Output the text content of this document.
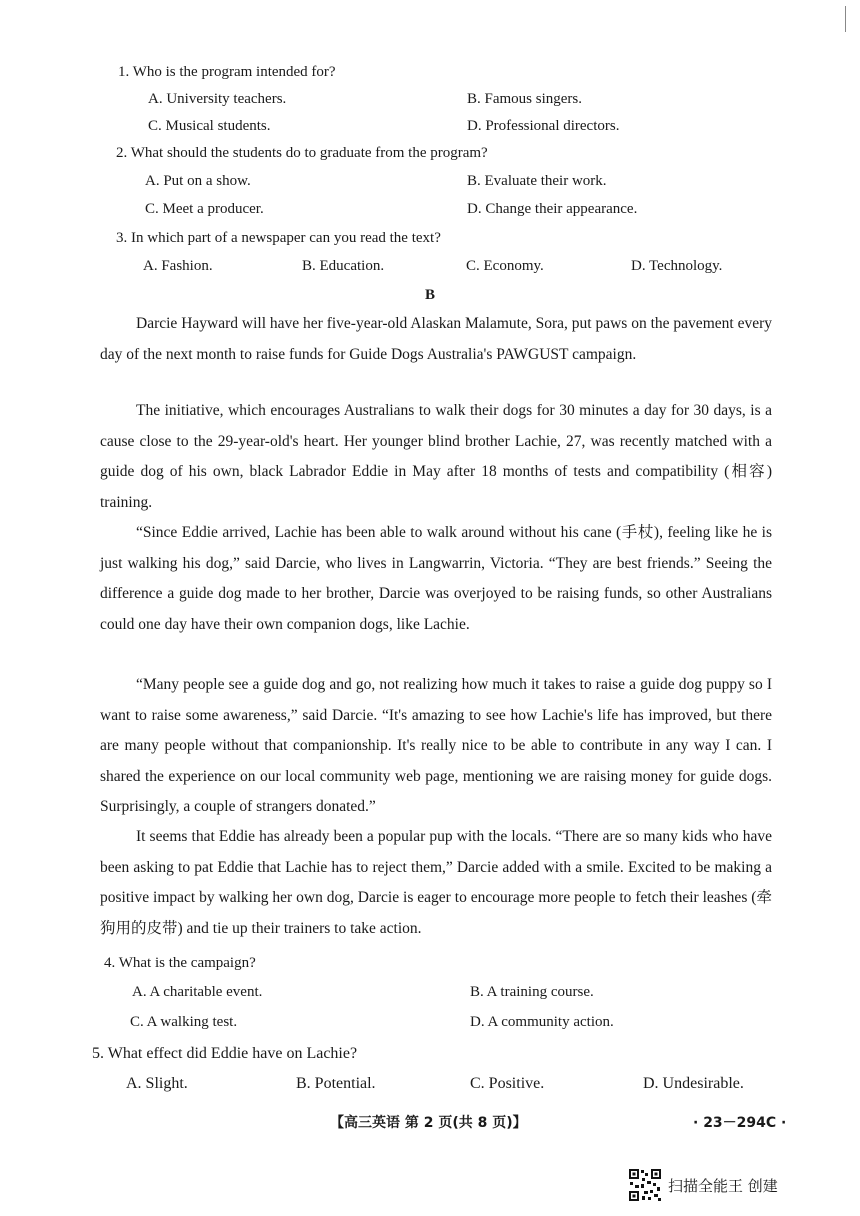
1. Who is the program intended for?
A. University teachers.	B. Famous singers.
C. Musical students.	D. Professional directors.
2. What should the students do to graduate from the program?
A. Put on a show.	B. Evaluate their work.
C. Meet a producer.	D. Change their appearance.
3. In which part of a newspaper can you read the text?
A. Fashion.	B. Education.	C. Economy.	D. Technology.
B
Darcie Hayward will have her five-year-old Alaskan Malamute, Sora, put paws on the pavement every day of the next month to raise funds for Guide Dogs Australia's PAWGUST campaign.
The initiative, which encourages Australians to walk their dogs for 30 minutes a day for 30 days, is a cause close to the 29-year-old's heart. Her younger blind brother Lachie, 27, was recently matched with a guide dog of his own, black Labrador Eddie in May after 18 months of tests and compatibility (相容) training.
“Since Eddie arrived, Lachie has been able to walk around without his cane (手杖), feeling like he is just walking his dog,” said Darcie, who lives in Langwarrin, Victoria. “They are best friends.” Seeing the difference a guide dog made to her brother, Darcie was overjoyed to be raising funds, so other Australians could one day have their own companion dogs, like Lachie.
“Many people see a guide dog and go, not realizing how much it takes to raise a guide dog puppy so I want to raise some awareness,” said Darcie. “It's amazing to see how Lachie's life has improved, but there are many people without that companionship. It's really nice to be able to contribute in any way I can. I shared the experience on our local community web page, mentioning we are raising money for guide dogs. Surprisingly, a couple of strangers donated.”
It seems that Eddie has already been a popular pup with the locals. “There are so many kids who have been asking to pat Eddie that Lachie has to reject them,” Darcie added with a smile. Excited to be making a positive impact by walking her own dog, Darcie is eager to encourage more people to fetch their leashes (牵狗用的皮带) and tie up their trainers to take action.
4. What is the campaign?
A. A charitable event.	B. A training course.
C. A walking test.	D. A community action.
5. What effect did Eddie have on Lachie?
A. Slight.	B. Potential.	C. Positive.	D. Undesirable.
【高三英语 第 2 页(共 8 页)】	· 23－294C ·
扫描全能王 创建
